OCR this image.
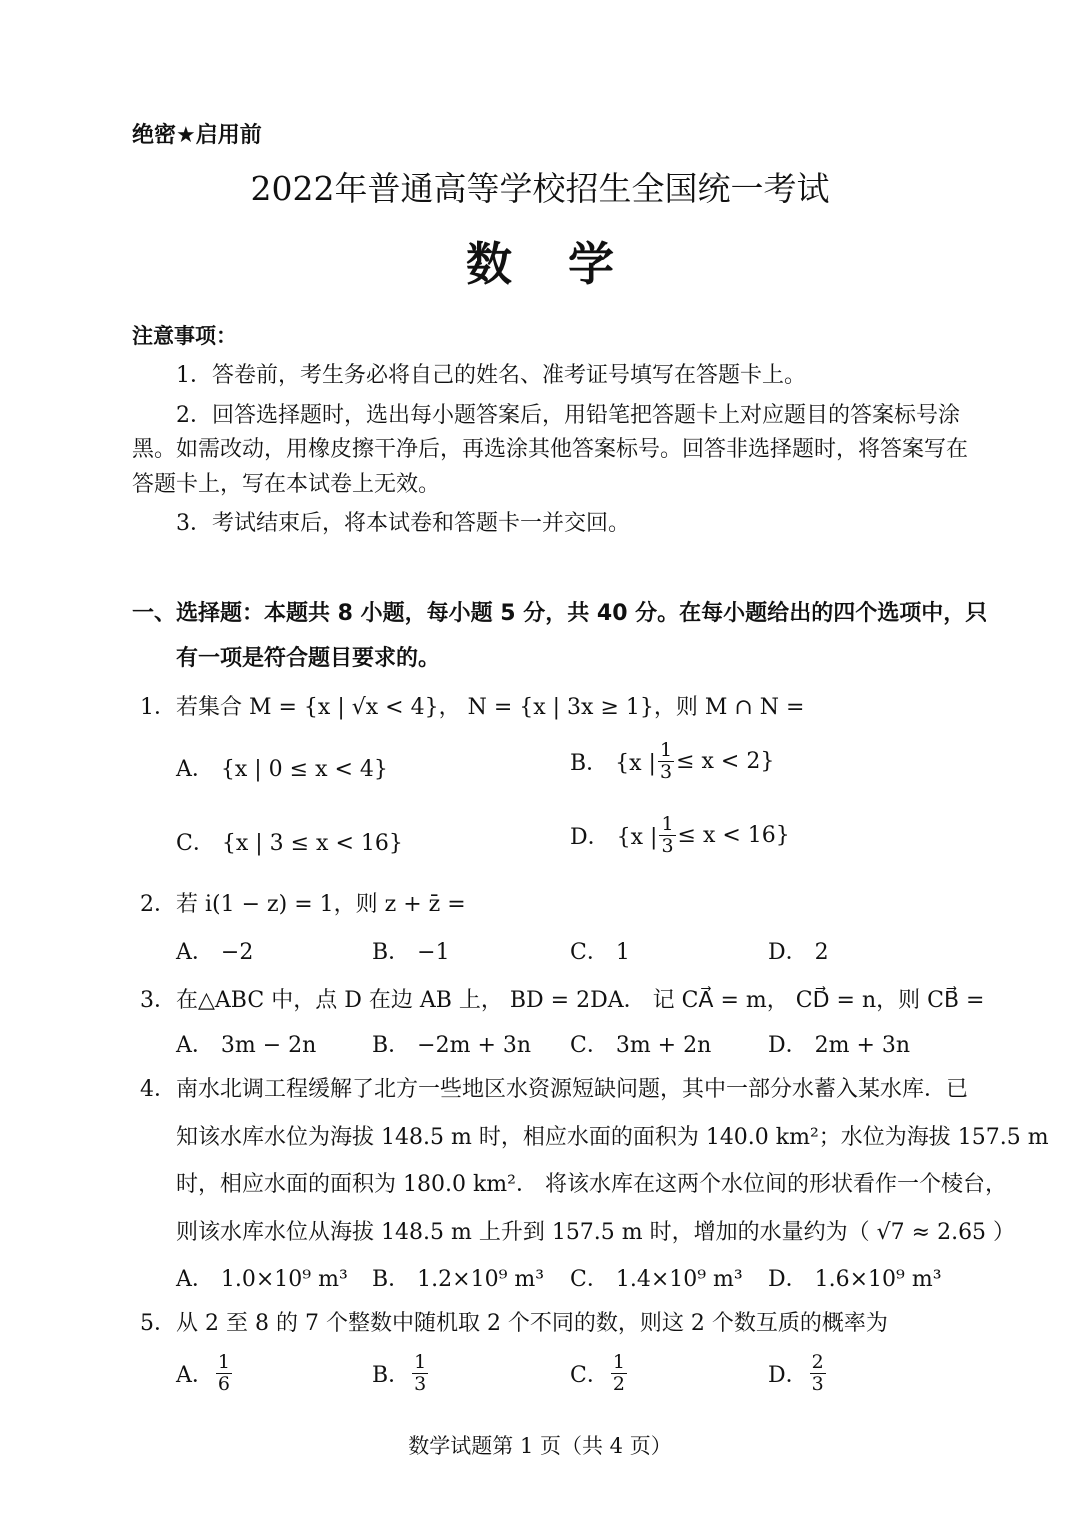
绝密★启用前
2022年普通高等学校招生全国统一考试
数学
注意事项：
1．答卷前，考生务必将自己的姓名、准考证号填写在答题卡上。
2．回答选择题时，选出每小题答案后，用铅笔把答题卡上对应题目的答案标号涂
黑。如需改动，用橡皮擦干净后，再选涂其他答案标号。回答非选择题时，将答案写在
答题卡上，写在本试卷上无效。
3．考试结束后，将本试卷和答题卡一并交回。
一、选择题：本题共 8 小题，每小题 5 分，共 40 分。在每小题给出的四个选项中，只
有一项是符合题目要求的。
1．若集合 M = {x | √x < 4}， N = {x | 3x ≥ 1}，则 M ∩ N =
A． {x | 0 ≤ x < 4}	B． {x | $\frac{1}{3} \le x < 2$}
C． {x | 3 ≤ x < 16}	D． {x | $\frac{1}{3} \le x < 16$}
2．若 i(1 − z) = 1，则 z + z̄ =
A． −2	B． −1	C． 1	D． 2
3．在△ABC 中，点 D 在边 AB 上， BD = 2DA． 记 CA⃗ = m， CD⃗ = n，则 CB⃗ =
A． 3m − 2n	B． −2m + 3n C． 3m + 2n	D． 2m + 3n
4．南水北调工程缓解了北方一些地区水资源短缺问题，其中一部分水蓄入某水库．已
知该水库水位为海拔 148.5 m 时，相应水面的面积为 140.0 km²；水位为海拔 157.5 m
时，相应水面的面积为 180.0 km²． 将该水库在这两个水位间的形状看作一个棱台，
则该水库水位从海拔 148.5 m 上升到 157.5 m 时，增加的水量约为（ √7 ≈ 2.65 ）
A． 1.0×10⁹ m³ B． 1.2×10⁹ m³ C． 1.4×10⁹ m³ D． 1.6×10⁹ m³
5．从 2 至 8 的 7 个整数中随机取 2 个不同的数，则这 2 个数互质的概率为
A． $\frac{1}{6}$	B． $\frac{1}{3}$	C． $\frac{1}{2}$	D． $\frac{2}{3}$
数学试题第 1 页（共 4 页）
